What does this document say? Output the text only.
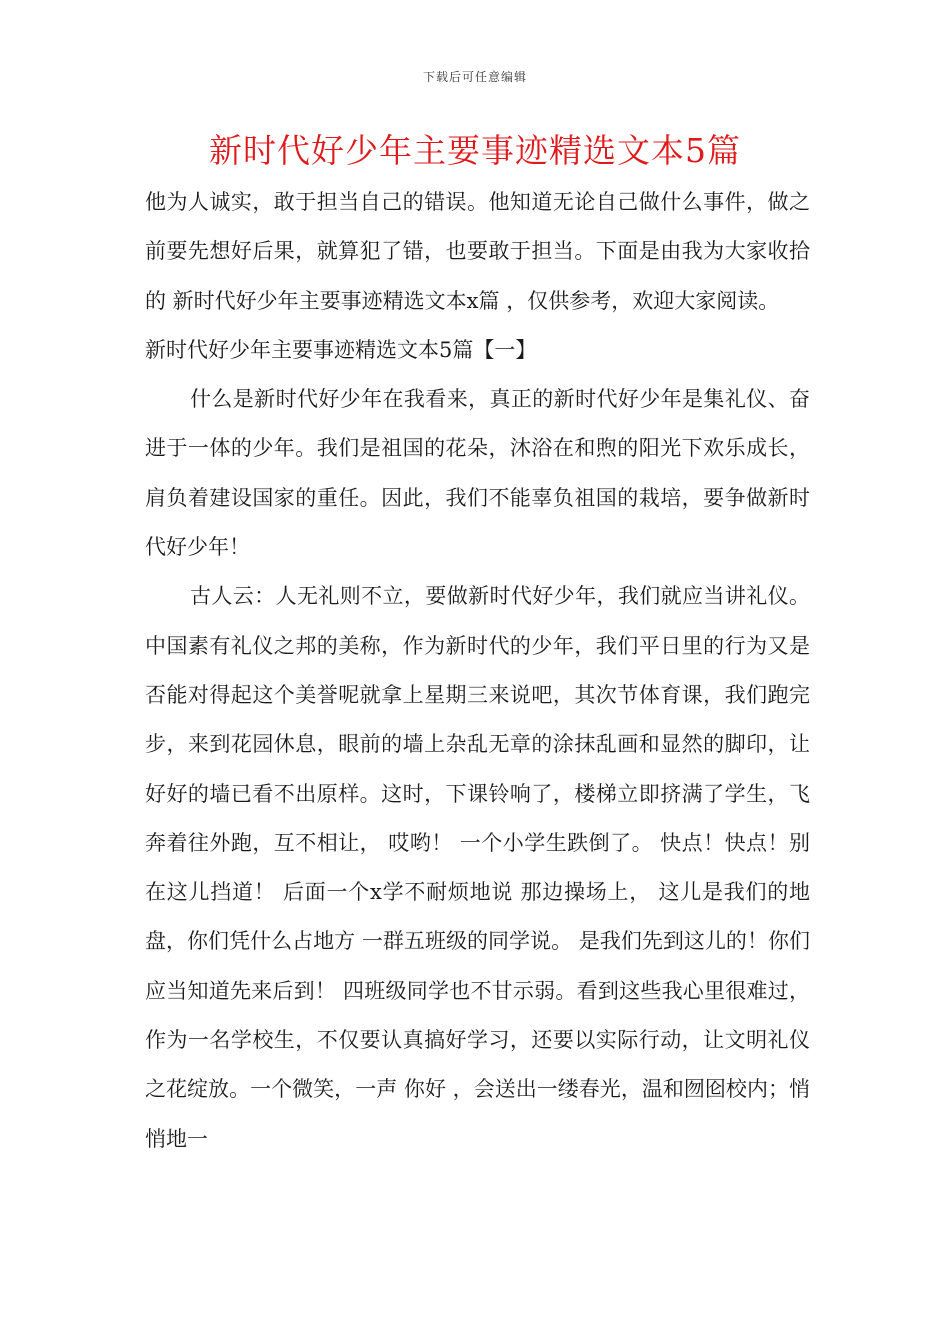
下载后可任意编辑
新时代好少年主要事迹精选文本5篇

他为人诚实，敢于担当自己的错误。他知道无论自己做什么事件，做之前要先想好后果，就算犯了错，也要敢于担当。下面是由我为大家收拾的 新时代好少年主要事迹精选文本x篇 ，仅供参考，欢迎大家阅读。

新时代好少年主要事迹精选文本5篇【一】

什么是新时代好少年在我看来，真正的新时代好少年是集礼仪、奋进于一体的少年。我们是祖国的花朵，沐浴在和煦的阳光下欢乐成长，肩负着建设国家的重任。因此，我们不能辜负祖国的栽培，要争做新时代好少年！

古人云：人无礼则不立，要做新时代好少年，我们就应当讲礼仪。中国素有礼仪之邦的美称，作为新时代的少年，我们平日里的行为又是否能对得起这个美誉呢就拿上星期三来说吧，其次节体育课，我们跑完步，来到花园休息，眼前的墙上杂乱无章的涂抹乱画和显然的脚印，让好好的墙已看不出原样。这时，下课铃响了，楼梯立即挤满了学生，飞奔着往外跑，互不相让， 哎哟！ 一个小学生跌倒了。 快点！快点！别在这儿挡道！ 后面一个x学不耐烦地说 那边操场上， 这儿是我们的地盘，你们凭什么占地方 一群五班级的同学说。 是我们先到这儿的！你们应当知道先来后到！ 四班级同学也不甘示弱。看到这些我心里很难过，作为一名学校生，不仅要认真搞好学习，还要以实际行动，让文明礼仪之花绽放。一个微笑，一声 你好 ，会送出一缕春光，温和囫囵校内；悄悄地一
